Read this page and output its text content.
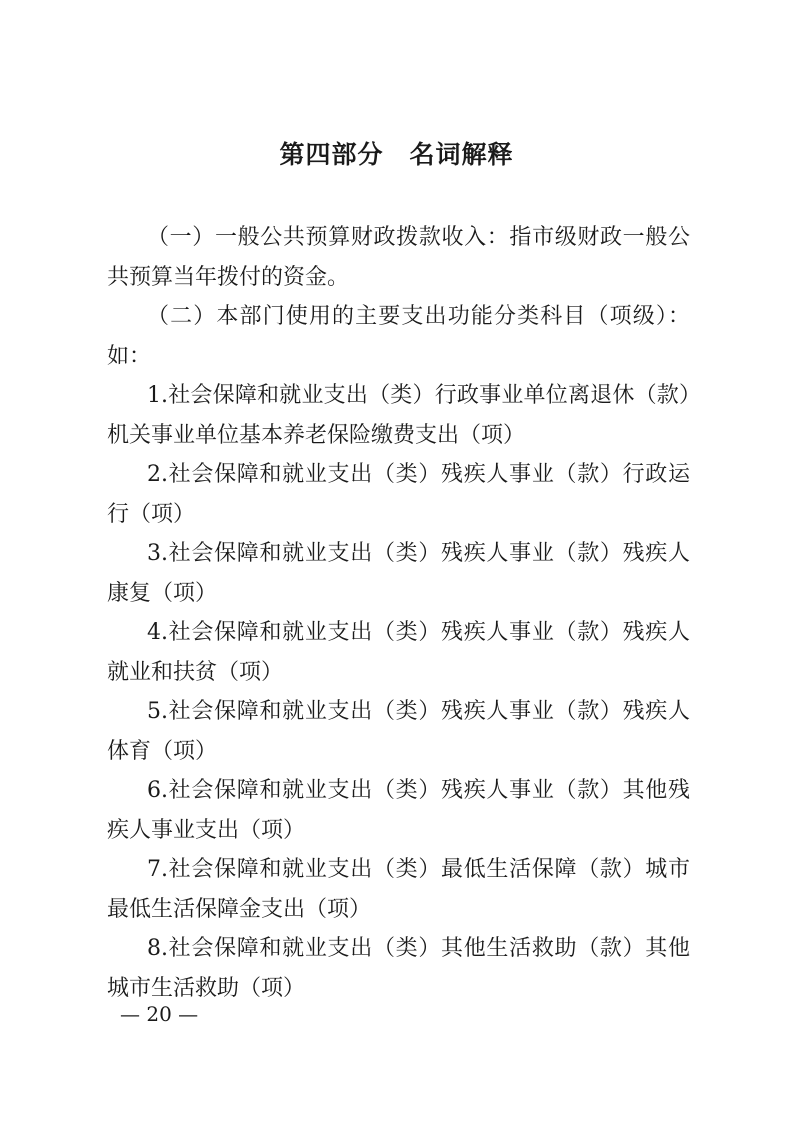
第四部分　名词解释

（一）一般公共预算财政拨款收入：指市级财政一般公共预算当年拨付的资金。

（二）本部门使用的主要支出功能分类科目（项级）：如：

1.社会保障和就业支出（类）行政事业单位离退休（款）机关事业单位基本养老保险缴费支出（项）

2.社会保障和就业支出（类）残疾人事业（款）行政运行（项）

3.社会保障和就业支出（类）残疾人事业（款）残疾人康复（项）

4.社会保障和就业支出（类）残疾人事业（款）残疾人就业和扶贫（项）

5.社会保障和就业支出（类）残疾人事业（款）残疾人体育（项）

6.社会保障和就业支出（类）残疾人事业（款）其他残疾人事业支出（项）

7.社会保障和就业支出（类）最低生活保障（款）城市最低生活保障金支出（项）

8.社会保障和就业支出（类）其他生活救助（款）其他城市生活救助（项）

— 20 —
